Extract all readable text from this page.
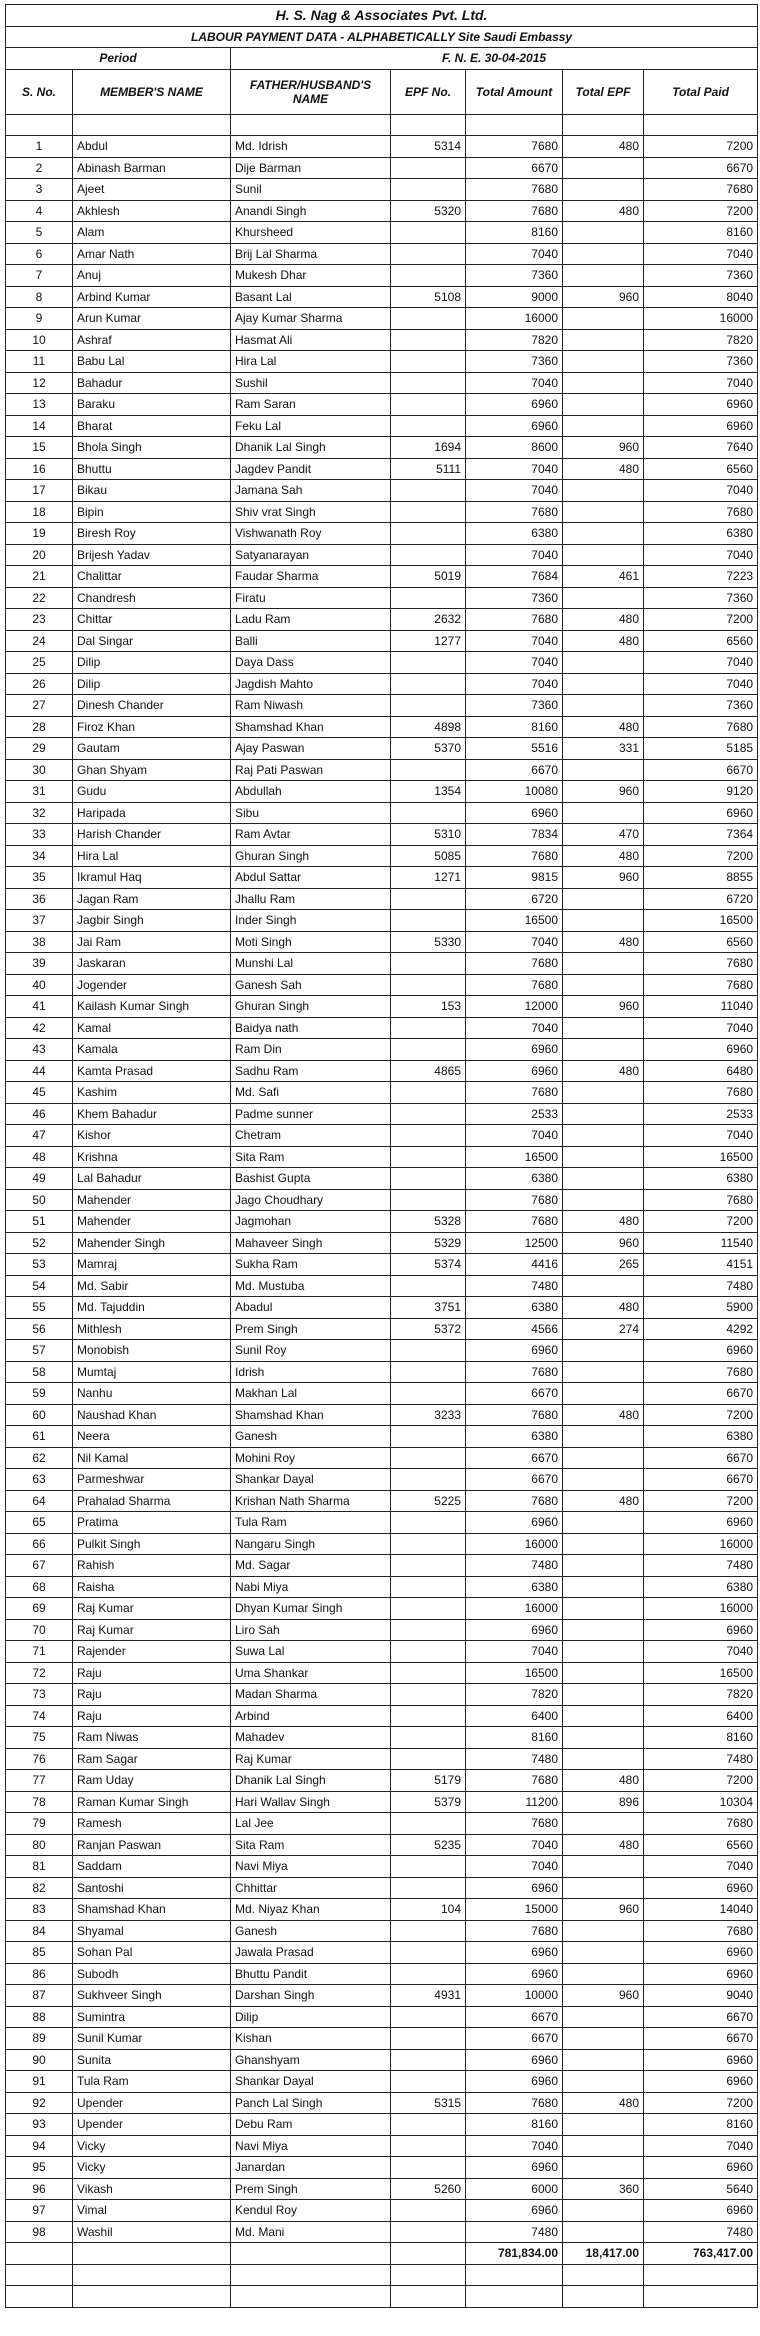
H. S. Nag & Associates Pvt. Ltd.						
LABOUR PAYMENT DATA - ALPHABETICALLY Site Saudi Embassy						
Period		F. N. E. 30-04-2015				
S. No.	MEMBER'S NAME	FATHER/HUSBAND'S NAME	EPF No.	Total Amount	Total EPF	Total Paid

1	Abdul	Md. Idrish	5314	7680	480	7200
2	Abinash Barman	Dije Barman		6670		6670
3	Ajeet	Sunil		7680		7680
4	Akhlesh	Anandi Singh	5320	7680	480	7200
5	Alam	Khursheed		8160		8160
6	Amar Nath	Brij Lal Sharma		7040		7040
7	Anuj	Mukesh Dhar		7360		7360
8	Arbind Kumar	Basant Lal	5108	9000	960	8040
9	Arun Kumar	Ajay Kumar Sharma		16000		16000
10	Ashraf	Hasmat Ali		7820		7820
11	Babu Lal	Hira Lal		7360		7360
12	Bahadur	Sushil		7040		7040
13	Baraku	Ram Saran		6960		6960
14	Bharat	Feku Lal		6960		6960
15	Bhola Singh	Dhanik Lal Singh	1694	8600	960	7640
16	Bhuttu	Jagdev Pandit	5111	7040	480	6560
17	Bikau	Jamana Sah		7040		7040
18	Bipin	Shiv vrat Singh		7680		7680
19	Biresh Roy	Vishwanath Roy		6380		6380
20	Brijesh Yadav	Satyanarayan		7040		7040
21	Chalittar	Faudar Sharma	5019	7684	461	7223
22	Chandresh	Firatu		7360		7360
23	Chittar	Ladu Ram	2632	7680	480	7200
24	Dal Singar	Balli	1277	7040	480	6560
25	Dilip	Daya Dass		7040		7040
26	Dilip	Jagdish Mahto		7040		7040
27	Dinesh Chander	Ram Niwash		7360		7360
28	Firoz Khan	Shamshad Khan	4898	8160	480	7680
29	Gautam	Ajay Paswan	5370	5516	331	5185
30	Ghan Shyam	Raj Pati Paswan		6670		6670
31	Gudu	Abdullah	1354	10080	960	9120
32	Haripada	Sibu		6960		6960
33	Harish Chander	Ram Avtar	5310	7834	470	7364
34	Hira Lal	Ghuran Singh	5085	7680	480	7200
35	Ikramul Haq	Abdul Sattar	1271	9815	960	8855
36	Jagan Ram	Jhallu Ram		6720		6720
37	Jagbir Singh	Inder Singh		16500		16500
38	Jai Ram	Moti Singh	5330	7040	480	6560
39	Jaskaran	Munshi Lal		7680		7680
40	Jogender	Ganesh Sah		7680		7680
41	Kailash Kumar Singh	Ghuran Singh	153	12000	960	11040
42	Kamal	Baidya nath		7040		7040
43	Kamala	Ram Din		6960		6960
44	Kamta Prasad	Sadhu Ram	4865	6960	480	6480
45	Kashim	Md. Safi		7680		7680
46	Khem Bahadur	Padme sunner		2533		2533
47	Kishor	Chetram		7040		7040
48	Krishna	Sita Ram		16500		16500
49	Lal Bahadur	Bashist Gupta		6380		6380
50	Mahender	Jago Choudhary		7680		7680
51	Mahender	Jagmohan	5328	7680	480	7200
52	Mahender Singh	Mahaveer Singh	5329	12500	960	11540
53	Mamraj	Sukha Ram	5374	4416	265	4151
54	Md. Sabir	Md. Mustuba		7480		7480
55	Md. Tajuddin	Abadul	3751	6380	480	5900
56	Mithlesh	Prem Singh	5372	4566	274	4292
57	Monobish	Sunil Roy		6960		6960
58	Mumtaj	Idrish		7680		7680
59	Nanhu	Makhan Lal		6670		6670
60	Naushad Khan	Shamshad Khan	3233	7680	480	7200
61	Neera	Ganesh		6380		6380
62	Nil Kamal	Mohini Roy		6670		6670
63	Parmeshwar	Shankar Dayal		6670		6670
64	Prahalad Sharma	Krishan Nath Sharma	5225	7680	480	7200
65	Pratima	Tula Ram		6960		6960
66	Pulkit Singh	Nangaru Singh		16000		16000
67	Rahish	Md. Sagar		7480		7480
68	Raisha	Nabi Miya		6380		6380
69	Raj Kumar	Dhyan Kumar Singh		16000		16000
70	Raj Kumar	Liro Sah		6960		6960
71	Rajender	Suwa Lal		7040		7040
72	Raju	Uma Shankar		16500		16500
73	Raju	Madan Sharma		7820		7820
74	Raju	Arbind		6400		6400
75	Ram Niwas	Mahadev		8160		8160
76	Ram Sagar	Raj Kumar		7480		7480
77	Ram Uday	Dhanik Lal Singh	5179	7680	480	7200
78	Raman Kumar Singh	Hari Wallav Singh	5379	11200	896	10304
79	Ramesh	Lal Jee		7680		7680
80	Ranjan Paswan	Sita Ram	5235	7040	480	6560
81	Saddam	Navi Miya		7040		7040
82	Santoshi	Chhittar		6960		6960
83	Shamshad Khan	Md. Niyaz Khan	104	15000	960	14040
84	Shyamal	Ganesh		7680		7680
85	Sohan Pal	Jawala Prasad		6960		6960
86	Subodh	Bhuttu Pandit		6960		6960
87	Sukhveer Singh	Darshan Singh	4931	10000	960	9040
88	Sumintra	Dilip		6670		6670
89	Sunil Kumar	Kishan		6670		6670
90	Sunita	Ghanshyam		6960		6960
91	Tula Ram	Shankar Dayal		6960		6960
92	Upender	Panch Lal Singh	5315	7680	480	7200
93	Upender	Debu Ram		8160		8160
94	Vicky	Navi Miya		7040		7040
95	Vicky	Janardan		6960		6960
96	Vikash	Prem Singh	5260	6000	360	5640
97	Vimal	Kendul Roy		6960		6960
98	Washil	Md. Mani		7480		7480
				781,834.00	18,417.00	763,417.00
